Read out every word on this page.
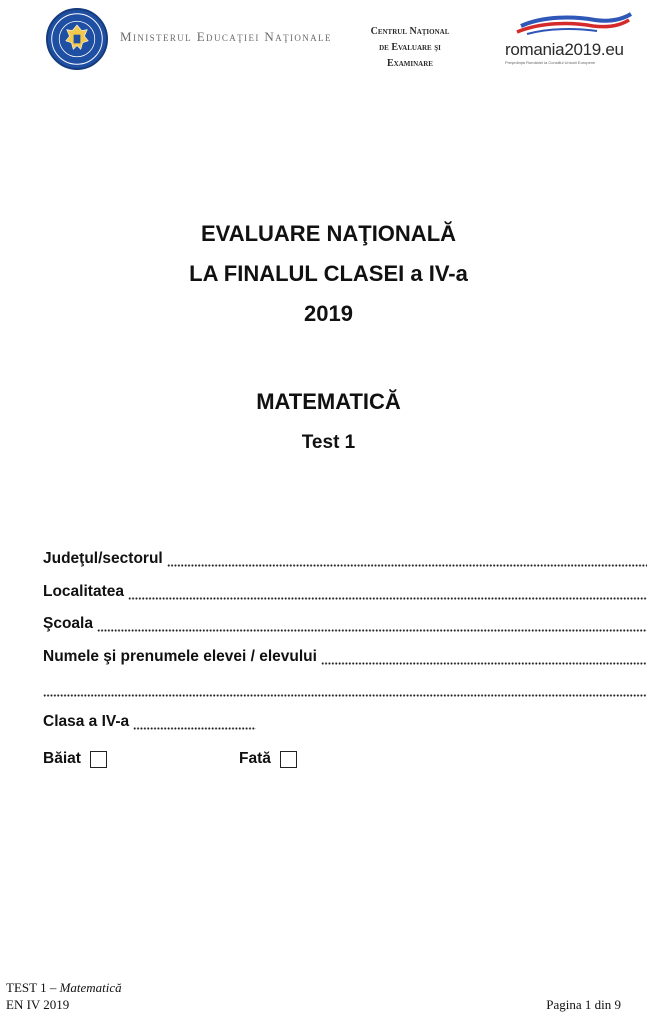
Ministerul Educaţiei Naţionale	Centrul Naţional
de Evaluare şi
Examinare
romania2019.eu
Preşedinţia României la Consiliul Uniunii Europene
EVALUARE NAŢIONALĂ
LA FINALUL CLASEI a IV-a
2019
MATEMATICĂ
Test 1
Judeţul/sectorul
Localitatea
Şcoala
Numele şi prenumele elevei / elevului
Clasa a IV-a
Băiat	Fată
TEST 1 – Matematică
EN IV 2019	Pagina 1 din 9
